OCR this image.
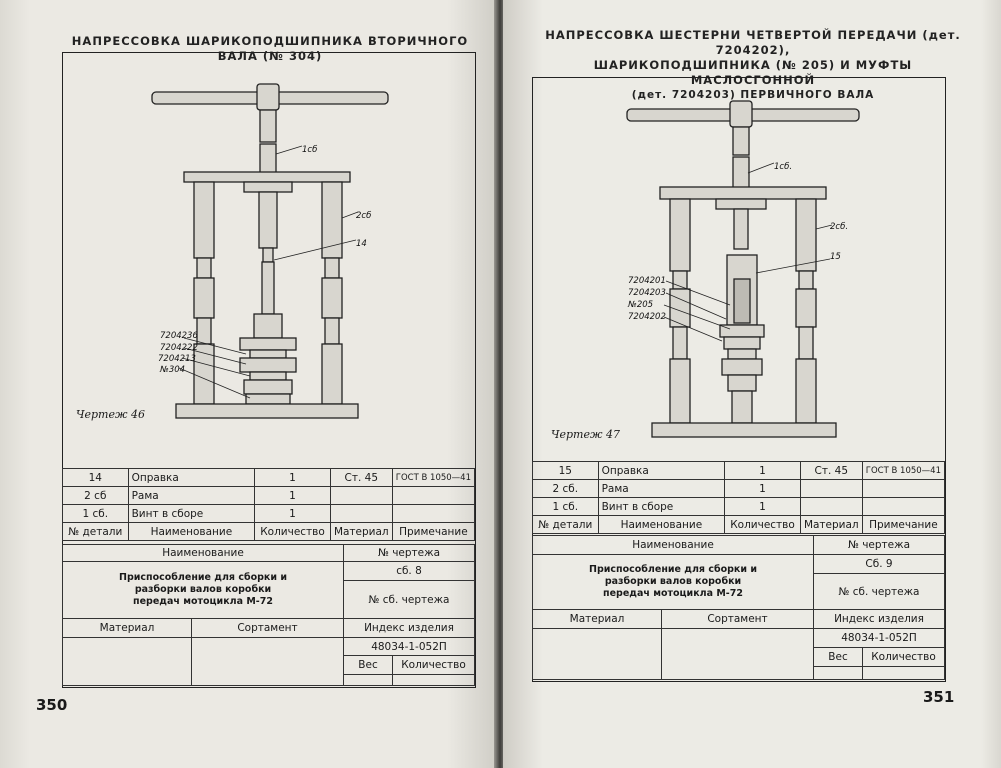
НАПРЕССОВКА ШАРИКОПОДШИПНИКА ВТОРИЧНОГО ВАЛА (№ 304)
1сб
2сб
14
7204236
7204222
7204213
№304
Чертеж 46
14	Оправка	1	Ст. 45	ГОСТ В 1050—41
2 сб	Рама	1		
1 сб.	Винт в сборе	1		
№ детали	Наименование	Количество	Материал	Примечание
Наименование	№ чертежа
Приспособление для сборки и разборки валов коробки передач мотоцикла М-72
сб. 8
№ сб. чертежа
Материал	Сортамент	Индекс изделия
48034-1-052П
Вес	Количество
350
НАПРЕССОВКА ШЕСТЕРНИ ЧЕТВЕРТОЙ ПЕРЕДАЧИ (дет. 7204202),
ШАРИКОПОДШИПНИКА (№ 205) И МУФТЫ МАСЛОСГОННОЙ
(дет. 7204203) ПЕРВИЧНОГО ВАЛА
1сб.
2сб.
15
7204201
7204203
№205
7204202
Чертеж 47
15	Оправка	1	Ст. 45	ГОСТ В 1050—41
2 сб.	Рама	1		
1 сб.	Винт в сборе	1		
№ детали	Наименование	Количество	Материал	Примечание
Наименование	№ чертежа
Приспособление для сборки и разборки валов коробки передач мотоцикла М-72
Сб. 9
№ сб. чертежа
Материал	Сортамент	Индекс изделия
48034-1-052П
Вес	Количество
351
